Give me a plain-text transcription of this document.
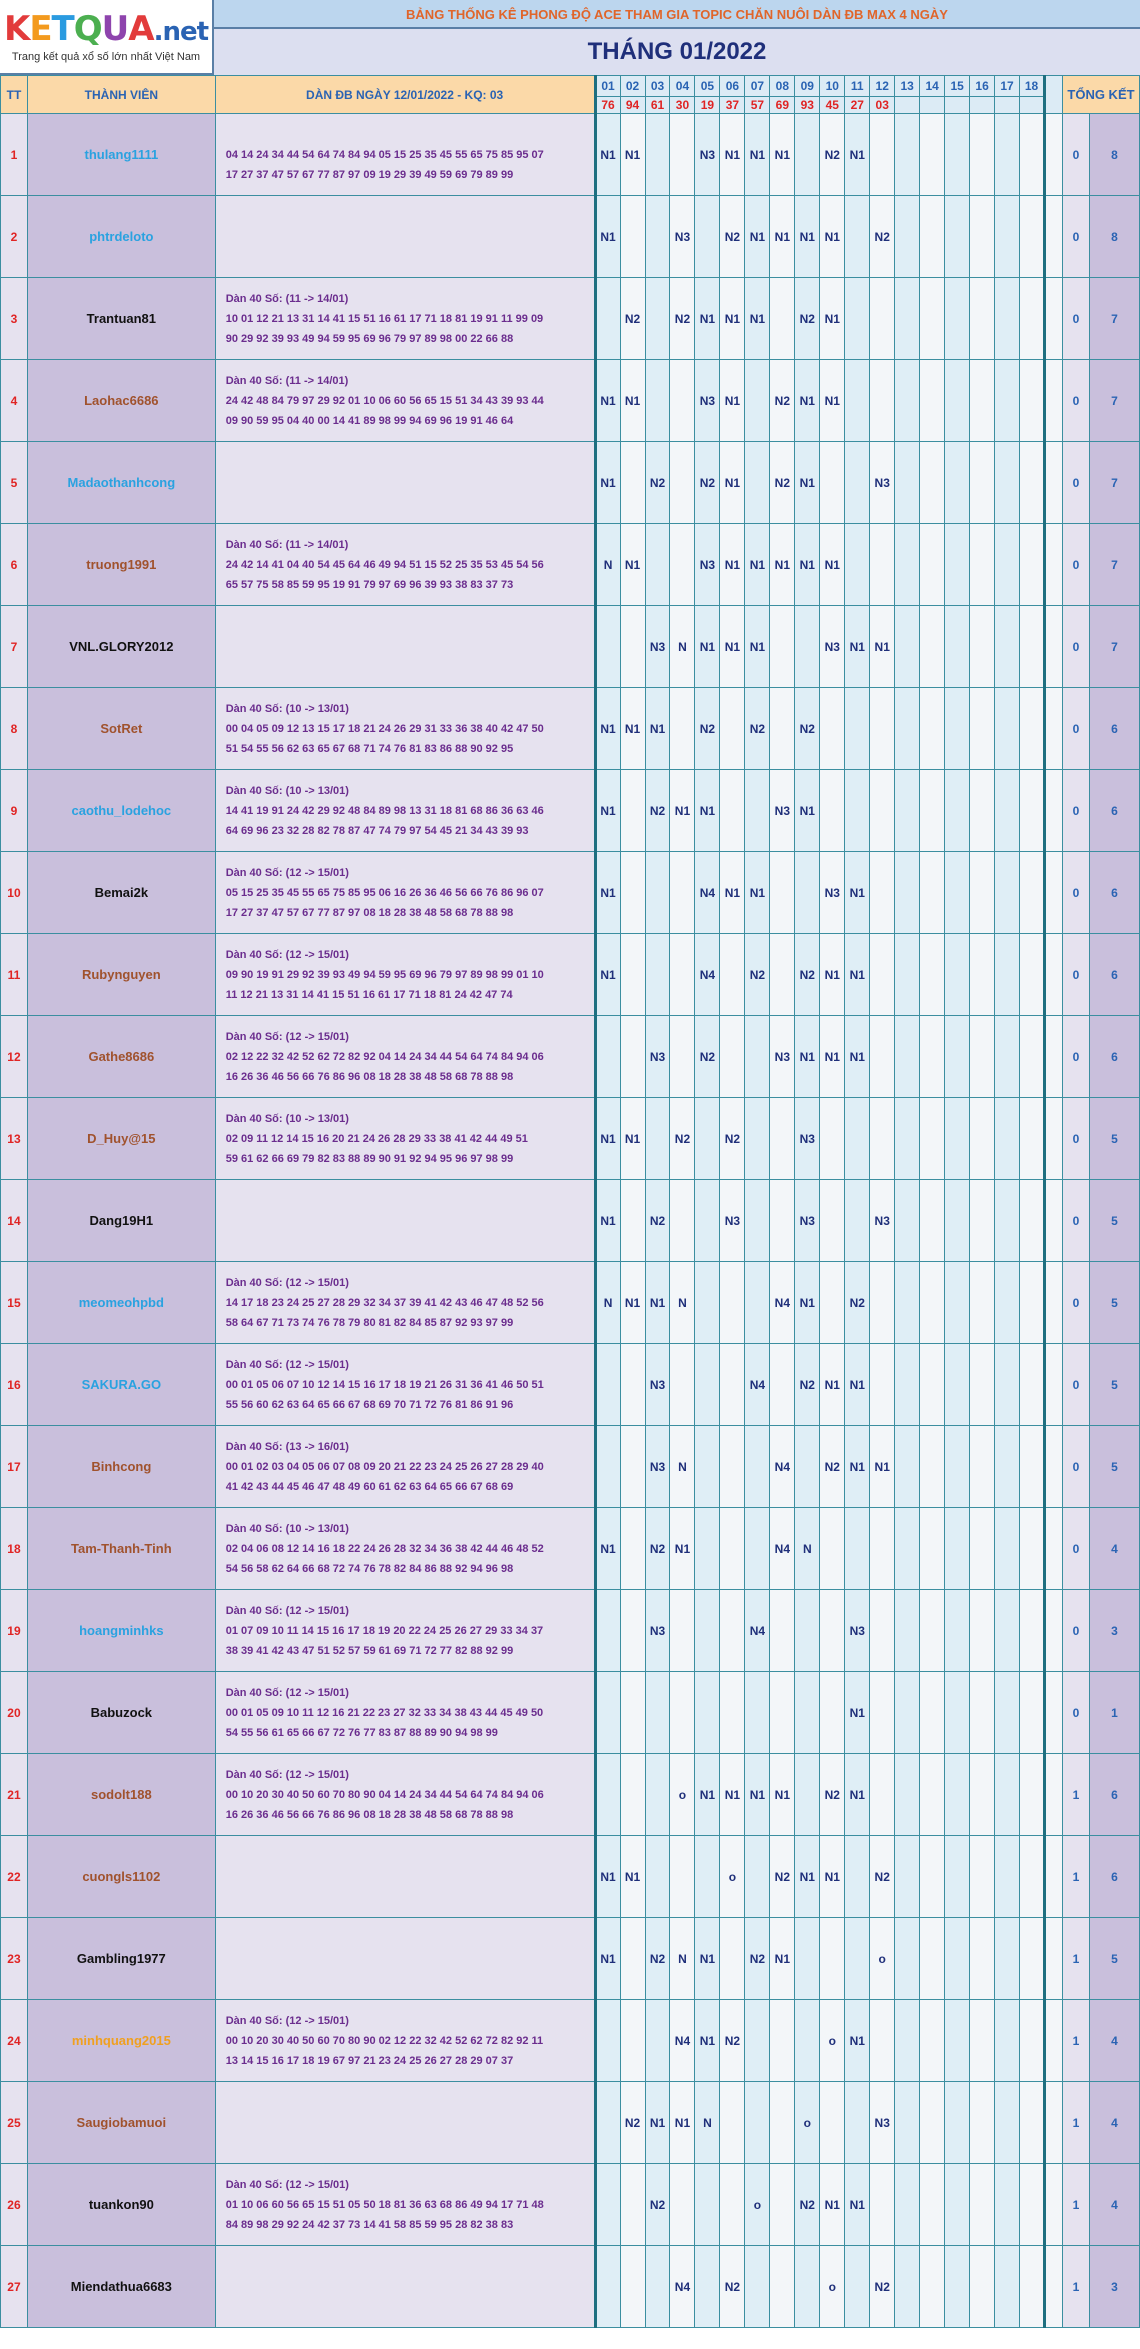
KETQUA.net
Trang kết quả xổ số lớn nhất Việt Nam
BẢNG THỐNG KÊ PHONG ĐỘ ACE THAM GIA TOPIC CHĂN NUÔI DÀN ĐB MAX 4 NGÀY
THÁNG 01/2022
TT	THÀNH VIÊN	DÀN ĐB NGÀY 12/01/2022 - KQ: 03	01	02	03	04	05	06	07	08	09	10	11	12	13	14	15	16	17	18		TỔNG KẾT	
			76	94	61	30	19	37	57	69	93	45	27	03									
1	thulang1111	04 14 24 34 44 54 64 74 84 94 05 15 25 35 45 55 65 75 85 95 07
17 27 37 47 57 67 77 87 97 09 19 29 39 49 59 69 79 89 99	N1	N1			N3	N1	N1	N1		N2	N1									0	8
2	phtrdeloto		N1			N3		N2	N1	N1	N1	N1		N2								0	8
3	Trantuan81	Dàn 40 Số: (11 -> 14/01)
10 01 12 21 13 31 14 41 15 51 16 61 17 71 18 81 19 91 11 99 09
90 29 92 39 93 49 94 59 95 69 96 79 97 89 98 00 22 66 88		N2		N2	N1	N1	N1		N2	N1										0	7
4	Laohac6686	Dàn 40 Số: (11 -> 14/01)
24 42 48 84 79 97 29 92 01 10 06 60 56 65 15 51 34 43 39 93 44
09 90 59 95 04 40 00 14 41 89 98 99 94 69 96 19 91 46 64	N1	N1			N3	N1		N2	N1	N1										0	7
5	Madaothanhcong		N1		N2		N2	N1		N2	N1			N3								0	7
6	truong1991	Dàn 40 Số: (11 -> 14/01)
24 42 14 41 04 40 54 45 64 46 49 94 51 15 52 25 35 53 45 54 56
65 57 75 58 85 59 95 19 91 79 97 69 96 39 93 38 83 37 73	N	N1			N3	N1	N1	N1	N1	N1										0	7
7	VNL.GLORY2012				N3	N	N1	N1	N1			N3	N1	N1								0	7
8	SotRet	Dàn 40 Số: (10 -> 13/01)
00 04 05 09 12 13 15 17 18 21 24 26 29 31 33 36 38 40 42 47 50
51 54 55 56 62 63 65 67 68 71 74 76 81 83 86 88 90 92 95	N1	N1	N1		N2		N2		N2											0	6
9	caothu_lodehoc	Dàn 40 Số: (10 -> 13/01)
14 41 19 91 24 42 29 92 48 84 89 98 13 31 18 81 68 86 36 63 46
64 69 96 23 32 28 82 78 87 47 74 79 97 54 45 21 34 43 39 93	N1		N2	N1	N1			N3	N1											0	6
10	Bemai2k	Dàn 40 Số: (12 -> 15/01)
05 15 25 35 45 55 65 75 85 95 06 16 26 36 46 56 66 76 86 96 07
17 27 37 47 57 67 77 87 97 08 18 28 38 48 58 68 78 88 98	N1				N4	N1	N1			N3	N1									0	6
11	Rubynguyen	Dàn 40 Số: (12 -> 15/01)
09 90 19 91 29 92 39 93 49 94 59 95 69 96 79 97 89 98 99 01 10
11 12 21 13 31 14 41 15 51 16 61 17 71 18 81 24 42 47 74	N1				N4		N2		N2	N1	N1									0	6
12	Gathe8686	Dàn 40 Số: (12 -> 15/01)
02 12 22 32 42 52 62 72 82 92 04 14 24 34 44 54 64 74 84 94 06
16 26 36 46 56 66 76 86 96 08 18 28 38 48 58 68 78 88 98			N3		N2			N3	N1	N1	N1									0	6
13	D_Huy@15	Dàn 40 Số: (10 -> 13/01)
02 09 11 12 14 15 16 20 21 24 26 28 29 33 38 41 42 44 49 51
59 61 62 66 69 79 82 83 88 89 90 91 92 94 95 96 97 98 99	N1	N1		N2		N2			N3											0	5
14	Dang19H1		N1		N2			N3			N3			N3								0	5
15	meomeohpbd	Dàn 40 Số: (12 -> 15/01)
14 17 18 23 24 25 27 28 29 32 34 37 39 41 42 43 46 47 48 52 56
58 64 67 71 73 74 76 78 79 80 81 82 84 85 87 92 93 97 99	N	N1	N1	N				N4	N1		N2									0	5
16	SAKURA.GO	Dàn 40 Số: (12 -> 15/01)
00 01 05 06 07 10 12 14 15 16 17 18 19 21 26 31 36 41 46 50 51
55 56 60 62 63 64 65 66 67 68 69 70 71 72 76 81 86 91 96			N3				N4		N2	N1	N1									0	5
17	Binhcong	Dàn 40 Số: (13 -> 16/01)
00 01 02 03 04 05 06 07 08 09 20 21 22 23 24 25 26 27 28 29 40
41 42 43 44 45 46 47 48 49 60 61 62 63 64 65 66 67 68 69			N3	N				N4		N2	N1	N1								0	5
18	Tam-Thanh-Tinh	Dàn 40 Số: (10 -> 13/01)
02 04 06 08 12 14 16 18 22 24 26 28 32 34 36 38 42 44 46 48 52
54 56 58 62 64 66 68 72 74 76 78 82 84 86 88 92 94 96 98	N1		N2	N1				N4	N											0	4
19	hoangminhks	Dàn 40 Số: (12 -> 15/01)
01 07 09 10 11 14 15 16 17 18 19 20 22 24 25 26 27 29 33 34 37
38 39 41 42 43 47 51 52 57 59 61 69 71 72 77 82 88 92 99			N3				N4				N3									0	3
20	Babuzock	Dàn 40 Số: (12 -> 15/01)
00 01 05 09 10 11 12 16 21 22 23 27 32 33 34 38 43 44 45 49 50
54 55 56 61 65 66 67 72 76 77 83 87 88 89 90 94 98 99											N1									0	1
21	sodolt188	Dàn 40 Số: (12 -> 15/01)
00 10 20 30 40 50 60 70 80 90 04 14 24 34 44 54 64 74 84 94 06
16 26 36 46 56 66 76 86 96 08 18 28 38 48 58 68 78 88 98				o	N1	N1	N1	N1		N2	N1									1	6
22	cuongls1102		N1	N1				o		N2	N1	N1		N2								1	6
23	Gambling1977		N1		N2	N	N1		N2	N1				o								1	5
24	minhquang2015	Dàn 40 Số: (12 -> 15/01)
00 10 20 30 40 50 60 70 80 90 02 12 22 32 42 52 62 72 82 92 11
13 14 15 16 17 18 19 67 97 21 23 24 25 26 27 28 29 07 37				N4	N1	N2				o	N1									1	4
25	Saugiobamuoi			N2	N1	N1	N				o			N3								1	4
26	tuankon90	Dàn 40 Số: (12 -> 15/01)
01 10 06 60 56 65 15 51 05 50 18 81 36 63 68 86 49 94 17 71 48
84 89 98 29 92 24 42 37 73 14 41 58 85 59 95 28 82 38 83			N2				o		N2	N1	N1									1	4
27	Miendathua6683					N4		N2				o		N2								1	3
